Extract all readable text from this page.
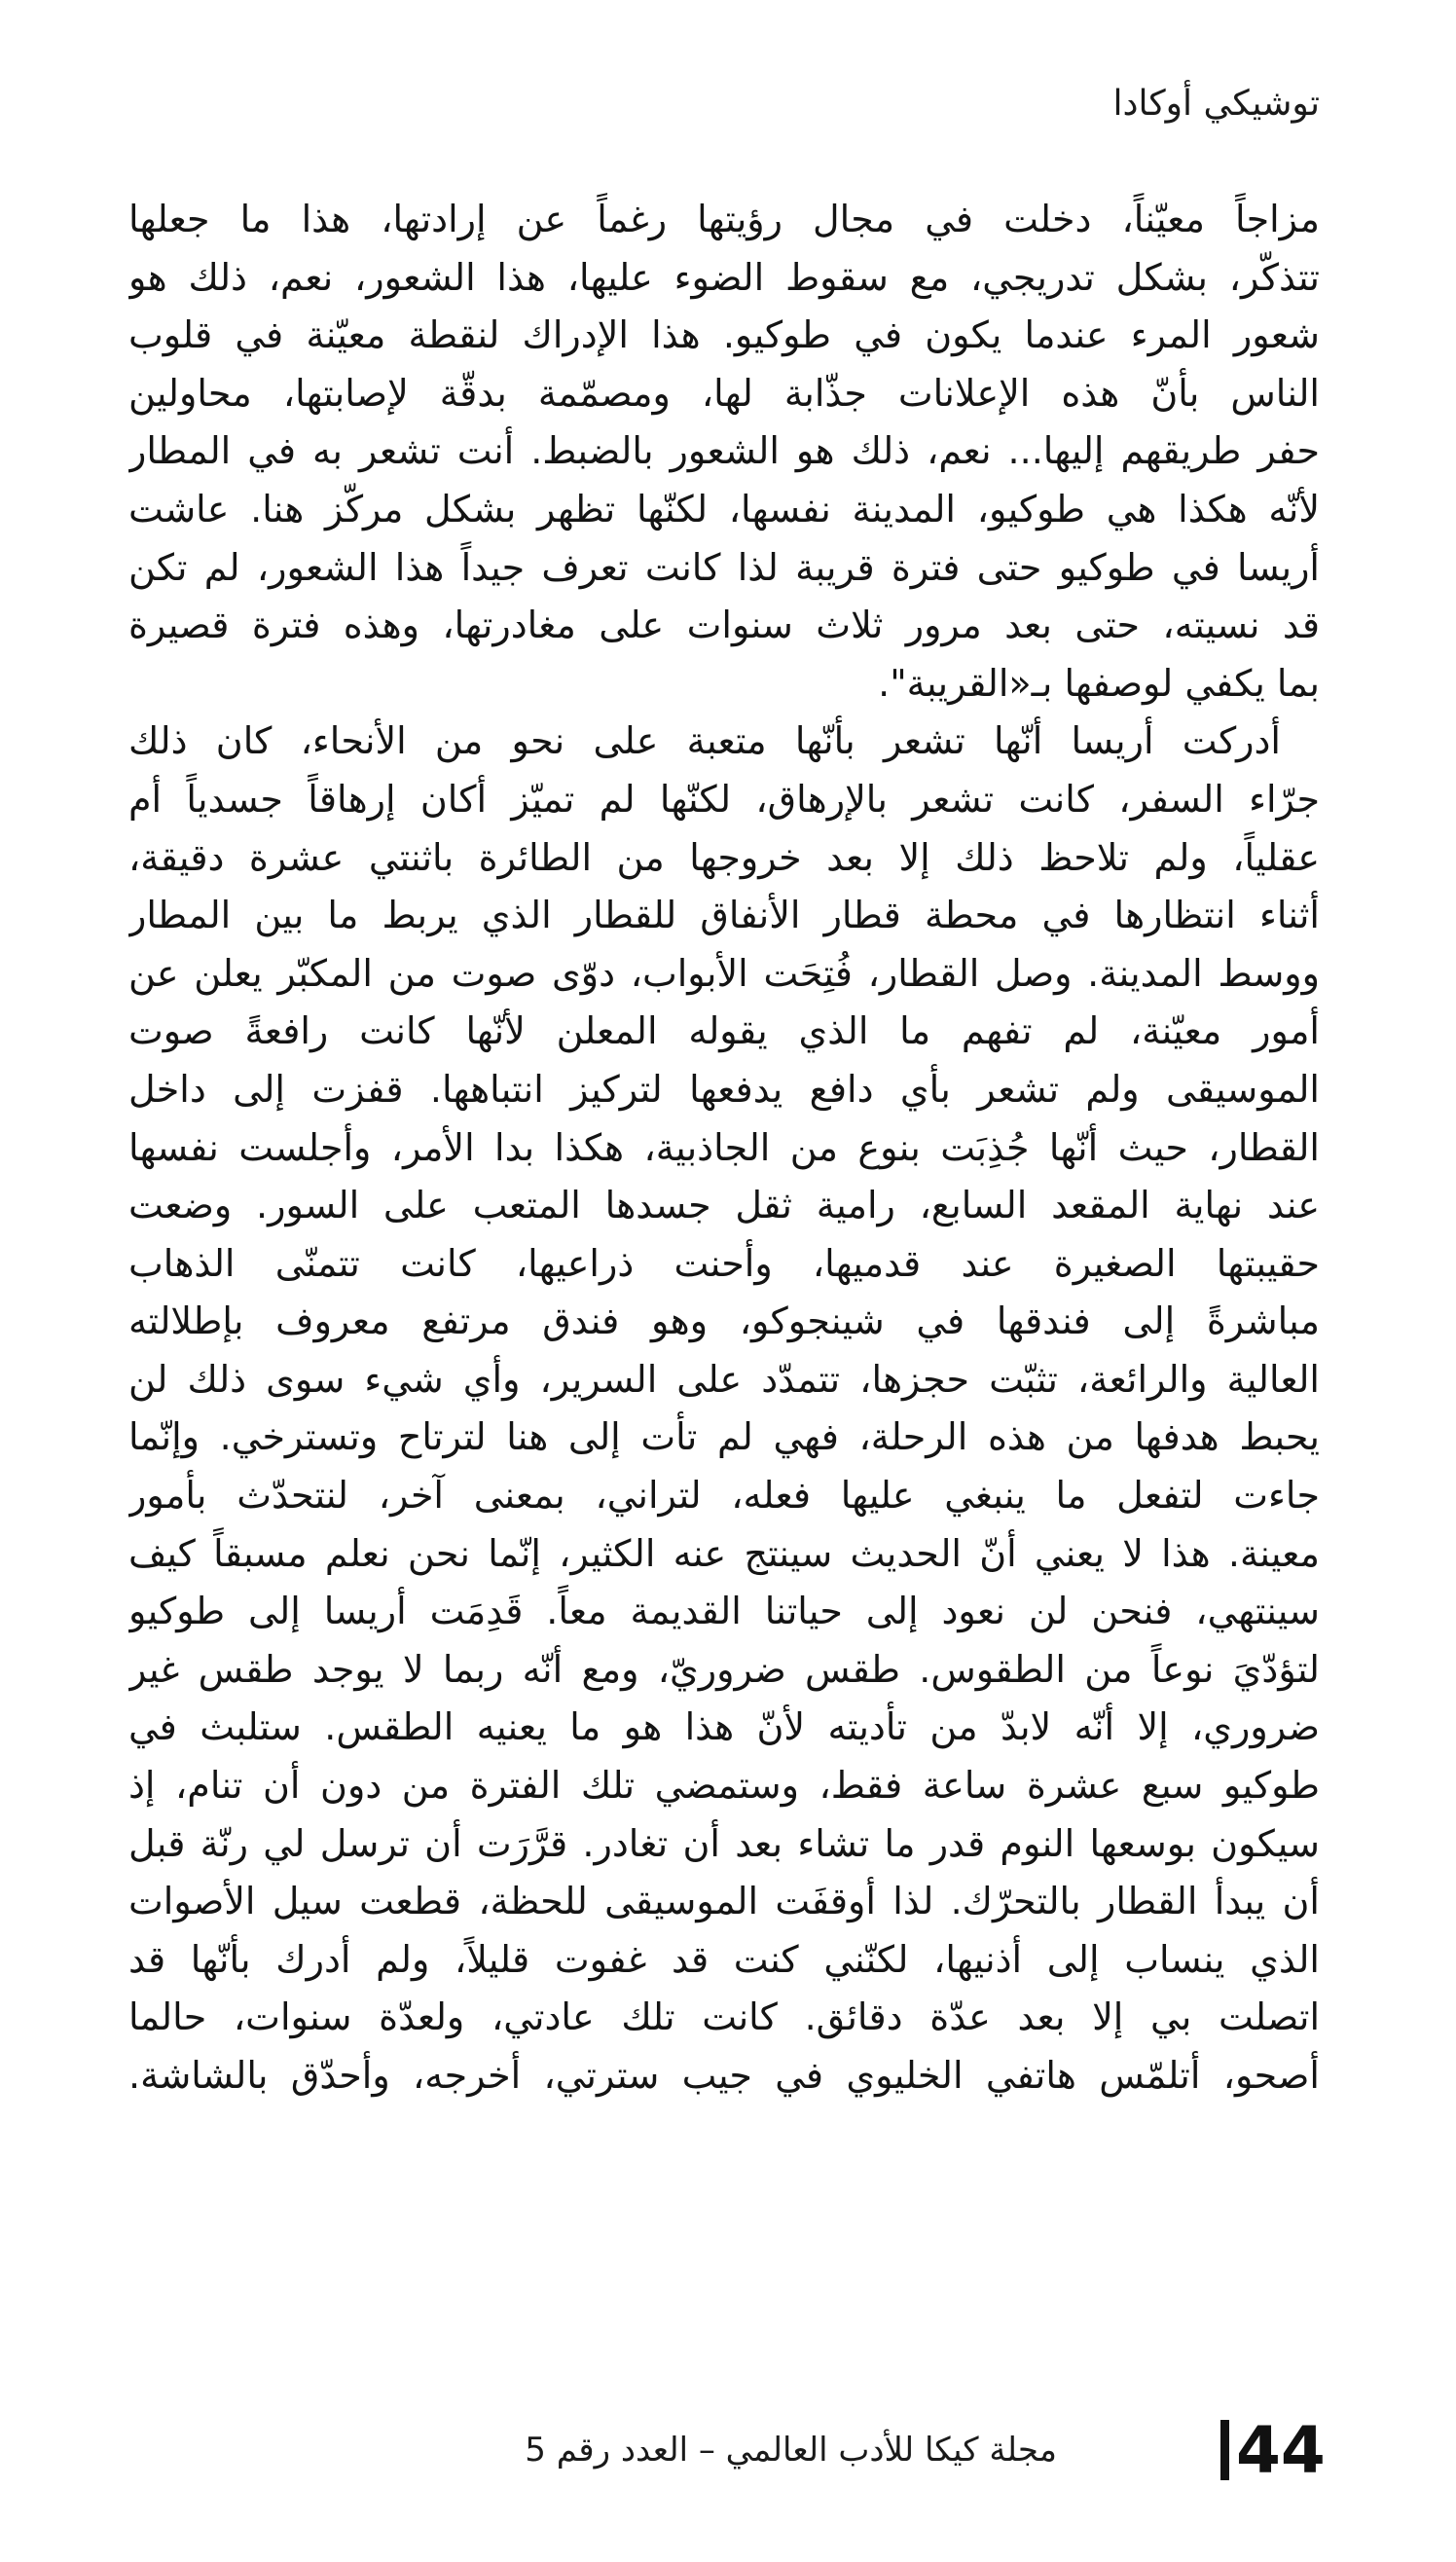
توشيكي أوكادا
مزاجاً معيّناً، دخلت في مجال رؤيتها رغماً عن إرادتها، هذا ما جعلها
تتذكّر، بشكل تدريجي، مع سقوط الضوء عليها، هذا الشعور، نعم، ذلك هو
شعور المرء عندما يكون في طوكيو. هذا الإدراك لنقطة معيّنة في قلوب
الناس بأنّ هذه الإعلانات جذّابة لها، ومصمّمة بدقّة لإصابتها، محاولين
حفر طريقهم إليها... نعم، ذلك هو الشعور بالضبط. أنت تشعر به في المطار
لأنّه هكذا هي طوكيو، المدينة نفسها، لكنّها تظهر بشكل مركّز هنا. عاشت
أريسا في طوكيو حتى فترة قريبة لذا كانت تعرف جيداً هذا الشعور، لم تكن
قد نسيته، حتى بعد مرور ثلاث سنوات على مغادرتها، وهذه فترة قصيرة
بما يكفي لوصفها بـ«القريبة".
أدركت أريسا أنّها تشعر بأنّها متعبة على نحو من الأنحاء، كان ذلك
جرّاء السفر، كانت تشعر بالإرهاق، لكنّها لم تميّز أكان إرهاقاً جسدياً أم
عقلياً، ولم تلاحظ ذلك إلا بعد خروجها من الطائرة باثنتي عشرة دقيقة،
أثناء انتظارها في محطة قطار الأنفاق للقطار الذي يربط ما بين المطار
ووسط المدينة. وصل القطار، فُتِحَت الأبواب، دوّى صوت من المكبّر يعلن عن
أمور معيّنة، لم تفهم ما الذي يقوله المعلن لأنّها كانت رافعةً صوت
الموسيقى ولم تشعر بأي دافع يدفعها لتركيز انتباهها. قفزت إلى داخل
القطار، حيث أنّها جُذِبَت بنوع من الجاذبية، هكذا بدا الأمر، وأجلست نفسها
عند نهاية المقعد السابع، رامية ثقل جسدها المتعب على السور. وضعت
حقيبتها الصغيرة عند قدميها، وأحنت ذراعيها، كانت تتمنّى الذهاب
مباشرةً إلى فندقها في شينجوكو، وهو فندق مرتفع معروف بإطلالته
العالية والرائعة، تثبّت حجزها، تتمدّد على السرير، وأي شيء سوى ذلك لن
يحبط هدفها من هذه الرحلة، فهي لم تأت إلى هنا لترتاح وتسترخي. وإنّما
جاءت لتفعل ما ينبغي عليها فعله، لتراني، بمعنى آخر، لنتحدّث بأمور
معينة. هذا لا يعني أنّ الحديث سينتج عنه الكثير، إنّما نحن نعلم مسبقاً كيف
سينتهي، فنحن لن نعود إلى حياتنا القديمة معاً. قَدِمَت أريسا إلى طوكيو
لتؤدّيَ نوعاً من الطقوس. طقس ضروريّ، ومع أنّه ربما لا يوجد طقس غير
ضروري، إلا أنّه لابدّ من تأديته لأنّ هذا هو ما يعنيه الطقس. ستلبث في
طوكيو سبع عشرة ساعة فقط، وستمضي تلك الفترة من دون أن تنام، إذ
سيكون بوسعها النوم قدر ما تشاء بعد أن تغادر. قرَّرَت أن ترسل لي رنّة قبل
أن يبدأ القطار بالتحرّك. لذا أوقفَت الموسيقى للحظة، قطعت سيل الأصوات
الذي ينساب إلى أذنيها، لكنّني كنت قد غفوت قليلاً، ولم أدرك بأنّها قد
اتصلت بي إلا بعد عدّة دقائق. كانت تلك عادتي، ولعدّة سنوات، حالما
أصحو، أتلمّس هاتفي الخليوي في جيب سترتي، أخرجه، وأحدّق بالشاشة.
44
مجلة كيكا للأدب العالمي – العدد رقم 5
